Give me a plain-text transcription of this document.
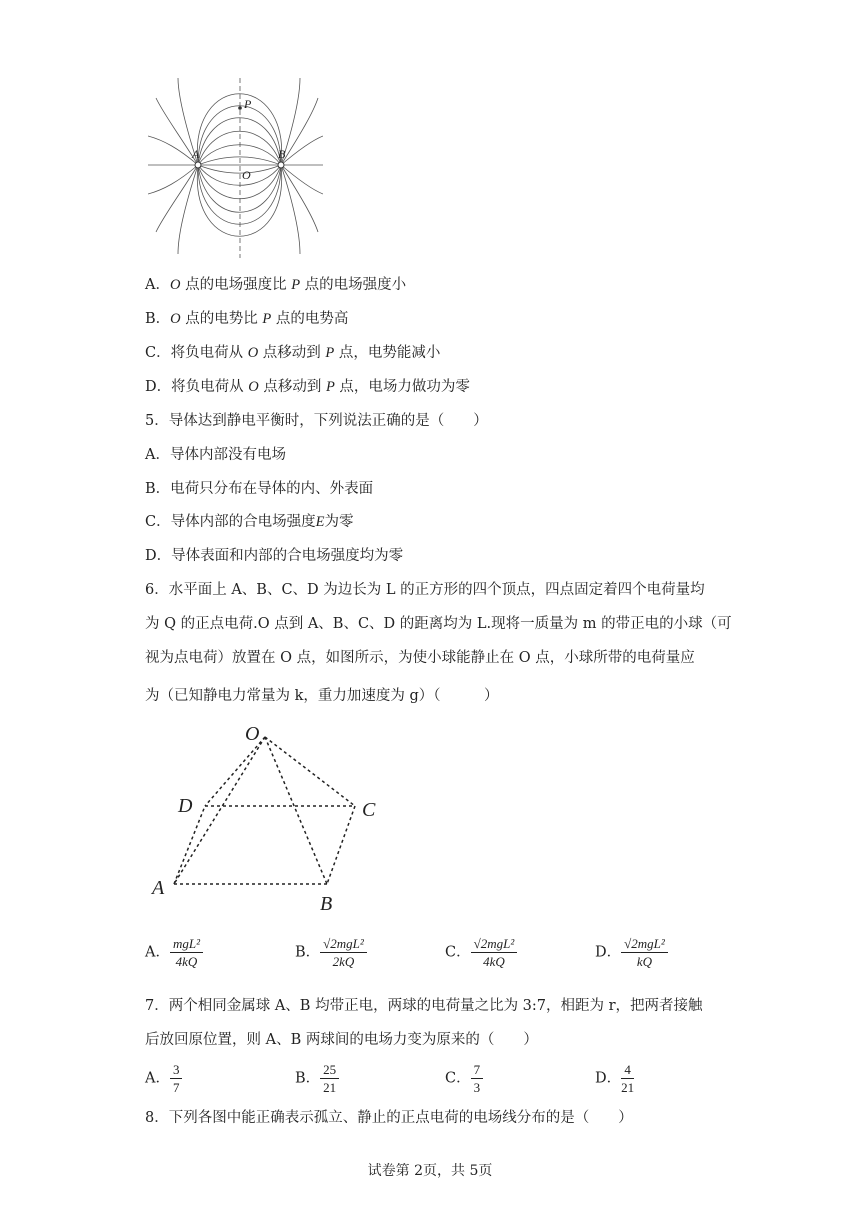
P
A	B
O
A．O 点的电场强度比 P 点的电场强度小
B．O 点的电势比 P 点的电势高
C．将负电荷从 O 点移动到 P 点，电势能减小
D．将负电荷从 O 点移动到 P 点，电场力做功为零
5．导体达到静电平衡时，下列说法正确的是（　　）
A．导体内部没有电场
B．电荷只分布在导体的内、外表面
C．导体内部的合电场强度E为零
D．导体表面和内部的合电场强度均为零
6．水平面上 A、B、C、D 为边长为 L 的正方形的四个顶点，四点固定着四个电荷量均
为 Q 的正点电荷.O 点到 A、B、C、D 的距离均为 L.现将一质量为 m 的带正电的小球（可
视为点电荷）放置在 O 点，如图所示，为使小球能静止在 O 点，小球所带的电荷量应
为（已知静电力常量为 k，重力加速度为 g）（　　　）
O
D	C
A
B
A． $\frac{\text{mgL²}}{4kQ}$	B． $\frac{\text{√2mgL²}}{2kQ}$	C． $\frac{\text{√2mgL²}}{4kQ}$	D． $\frac{\text{√2mgL²}}{kQ}$
7．两个相同金属球 A、B 均带正电，两球的电荷量之比为 3:7，相距为 r，把两者接触
后放回原位置，则 A、B 两球间的电场力变为原来的（　　）
A． $\frac{3}{7}$	B． $\frac{25}{21}$	C． $\frac{7}{3}$	D． $\frac{4}{21}$
8．下列各图中能正确表示孤立、静止的正点电荷的电场线分布的是（　　）
试卷第 2页，共 5页
